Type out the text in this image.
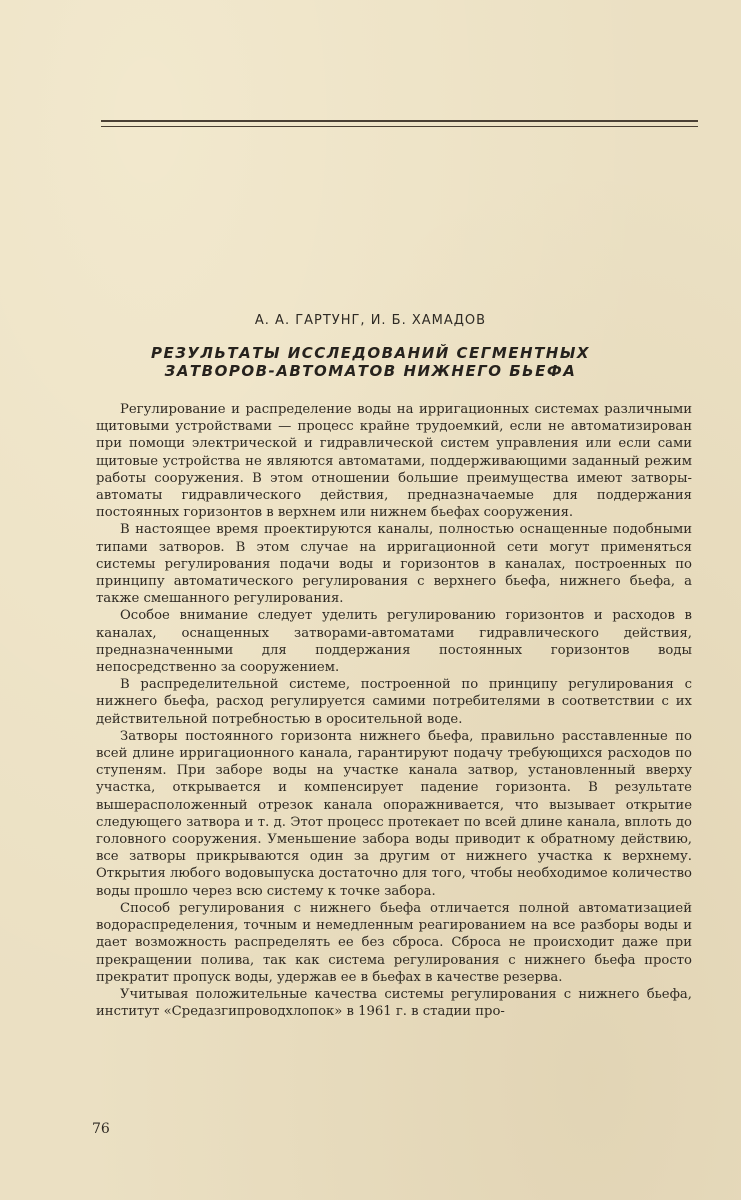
А. А. ГАРТУНГ, И. Б. ХАМАДОВ
РЕЗУЛЬТАТЫ ИССЛЕДОВАНИЙ СЕГМЕНТНЫХ
ЗАТВОРОВ-АВТОМАТОВ НИЖНЕГО БЬЕФА

Регулирование и распределение воды на ирригационных системах различными щитовыми устройствами — процесс крайне трудоемкий, если не автоматизирован при помощи электрической и гидравлической систем управления или если сами щитовые устройства не являются автоматами, поддерживающими заданный режим работы сооружения. В этом отношении большие преимущества имеют затворы-автоматы гидравлического действия, предназначаемые для поддержания постоянных горизонтов в верхнем или нижнем бьефах сооружения.

В настоящее время проектируются каналы, полностью оснащенные подобными типами затворов. В этом случае на ирригационной сети могут применяться системы регулирования подачи воды и горизонтов в каналах, построенных по принципу автоматического регулирования с верхнего бьефа, нижнего бьефа, а также смешанного регулирования.

Особое внимание следует уделить регулированию горизонтов и расходов в каналах, оснащенных затворами-автоматами гидравлического действия, предназначенными для поддержания постоянных горизонтов воды непосредственно за сооружением.

В распределительной системе, построенной по принципу регулирования с нижнего бьефа, расход регулируется самими потребителями в соответствии с их действительной потребностью в оросительной воде.

Затворы постоянного горизонта нижнего бьефа, правильно расставленные по всей длине ирригационного канала, гарантируют подачу требующихся расходов по ступеням. При заборе воды на участке канала затвор, установленный вверху участка, открывается и компенсирует падение горизонта. В результате вышерасположенный отрезок канала опоражнивается, что вызывает открытие следующего затвора и т. д. Этот процесс протекает по всей длине канала, вплоть до головного сооружения. Уменьшение забора воды приводит к обратному действию, все затворы прикрываются один за другим от нижнего участка к верхнему. Открытия любого водовыпуска достаточно для того, чтобы необходимое количество воды прошло через всю систему к точке забора.

Способ регулирования с нижнего бьефа отличается полной автоматизацией водораспределения, точным и немедленным реагированием на все разборы воды и дает возможность распределять ее без сброса. Сброса не происходит даже при прекращении полива, так как система регулирования с нижнего бьефа просто прекратит пропуск воды, удержав ее в бьефах в качестве резерва.

Учитывая положительные качества системы регулирования с нижнего бьефа, институт «Средазгипроводхлопок» в 1961 г. в стадии про-

76
